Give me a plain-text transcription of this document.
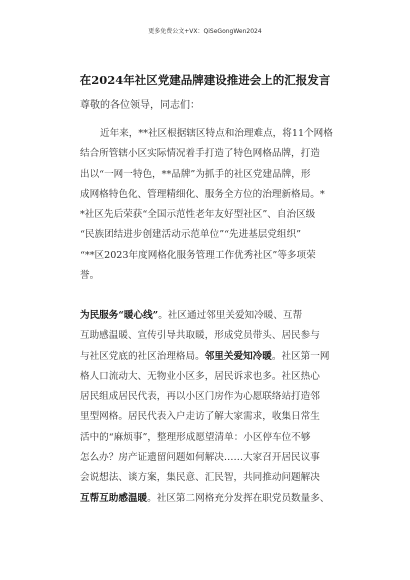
更多免费公文+VX：QiSeGongWen2024
在2024年社区党建品牌建设推进会上的汇报发言
尊敬的各位领导，同志们：
近年来，**社区根据辖区特点和治理难点，将11个网格
结合所管辖小区实际情况着手打造了特色网格品牌，打造
出以“一网一特色，**品牌”为抓手的社区党建品牌，形
成网格特色化、管理精细化、服务全方位的治理新格局。*
*社区先后荣获“全国示范性老年友好型社区”、自治区级
“民族团结进步创建活动示范单位”“先进基层党组织”
“**区2023年度网格化服务管理工作优秀社区”等多项荣
誉。
为民服务“暖心线”。社区通过邻里关爱知冷暖、互帮
互助感温暖、宣传引导共取暖，形成党员带头、居民参与
与社区党底的社区治理格局。邻里关爱知冷暖。社区第一网
格人口流动大、无物业小区多，居民诉求也多。社区热心
居民组成居民代表，再以小区门房作为心愿联络站打造邻
里型网格。居民代表入户走访了解大家需求，收集日常生
活中的“麻烦事”，整理形成愿望清单：小区停车位不够
怎么办？房产证遗留问题如何解决……大家召开居民议事
会说想法、谈方案，集民意、汇民智，共同推动问题解决
互帮互助感温暖。社区第二网格充分发挥在职党员数量多、
